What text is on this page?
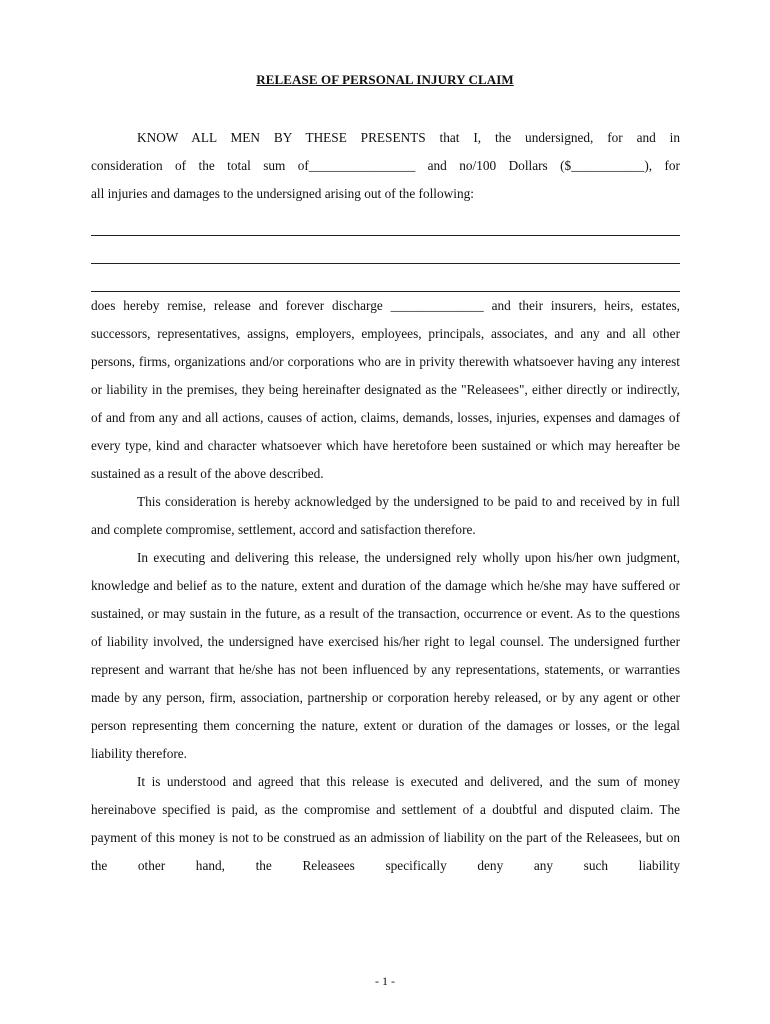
RELEASE OF PERSONAL INJURY CLAIM

KNOW ALL MEN BY THESE PRESENTS that I, the undersigned, for and in
consideration of the total sum of________________ and no/100 Dollars ($___________), for
all injuries and damages to the undersigned arising out of the following:

does hereby remise, release and forever discharge ______________ and their insurers, heirs, estates, successors, representatives, assigns, employers, employees, principals, associates, and any and all other persons, firms, organizations and/or corporations who are in privity therewith whatsoever having any interest or liability in the premises, they being hereinafter designated as the "Releasees", either directly or indirectly, of and from any and all actions, causes of action, claims, demands, losses, injuries, expenses and damages of every type, kind and character whatsoever which have heretofore been sustained or which may hereafter be sustained as a result of the above described.

This consideration is hereby acknowledged by the undersigned to be paid to and received by in full and complete compromise, settlement, accord and satisfaction therefore.

In executing and delivering this release, the undersigned rely wholly upon his/her own judgment, knowledge and belief as to the nature, extent and duration of the damage which he/she may have suffered or sustained, or may sustain in the future, as a result of the transaction, occurrence or event. As to the questions of liability involved, the undersigned have exercised his/her right to legal counsel. The undersigned further represent and warrant that he/she has not been influenced by any representations, statements, or warranties made by any person, firm, association, partnership or corporation hereby released, or by any agent or other person representing them concerning the nature, extent or duration of the damages or losses, or the legal liability therefore.

It is understood and agreed that this release is executed and delivered, and the sum of money hereinabove specified is paid, as the compromise and settlement of a doubtful and disputed claim. The payment of this money is not to be construed as an admission of liability on the part of the Releasees, but on the other hand, the Releasees specifically deny any such liability

- 1 -
